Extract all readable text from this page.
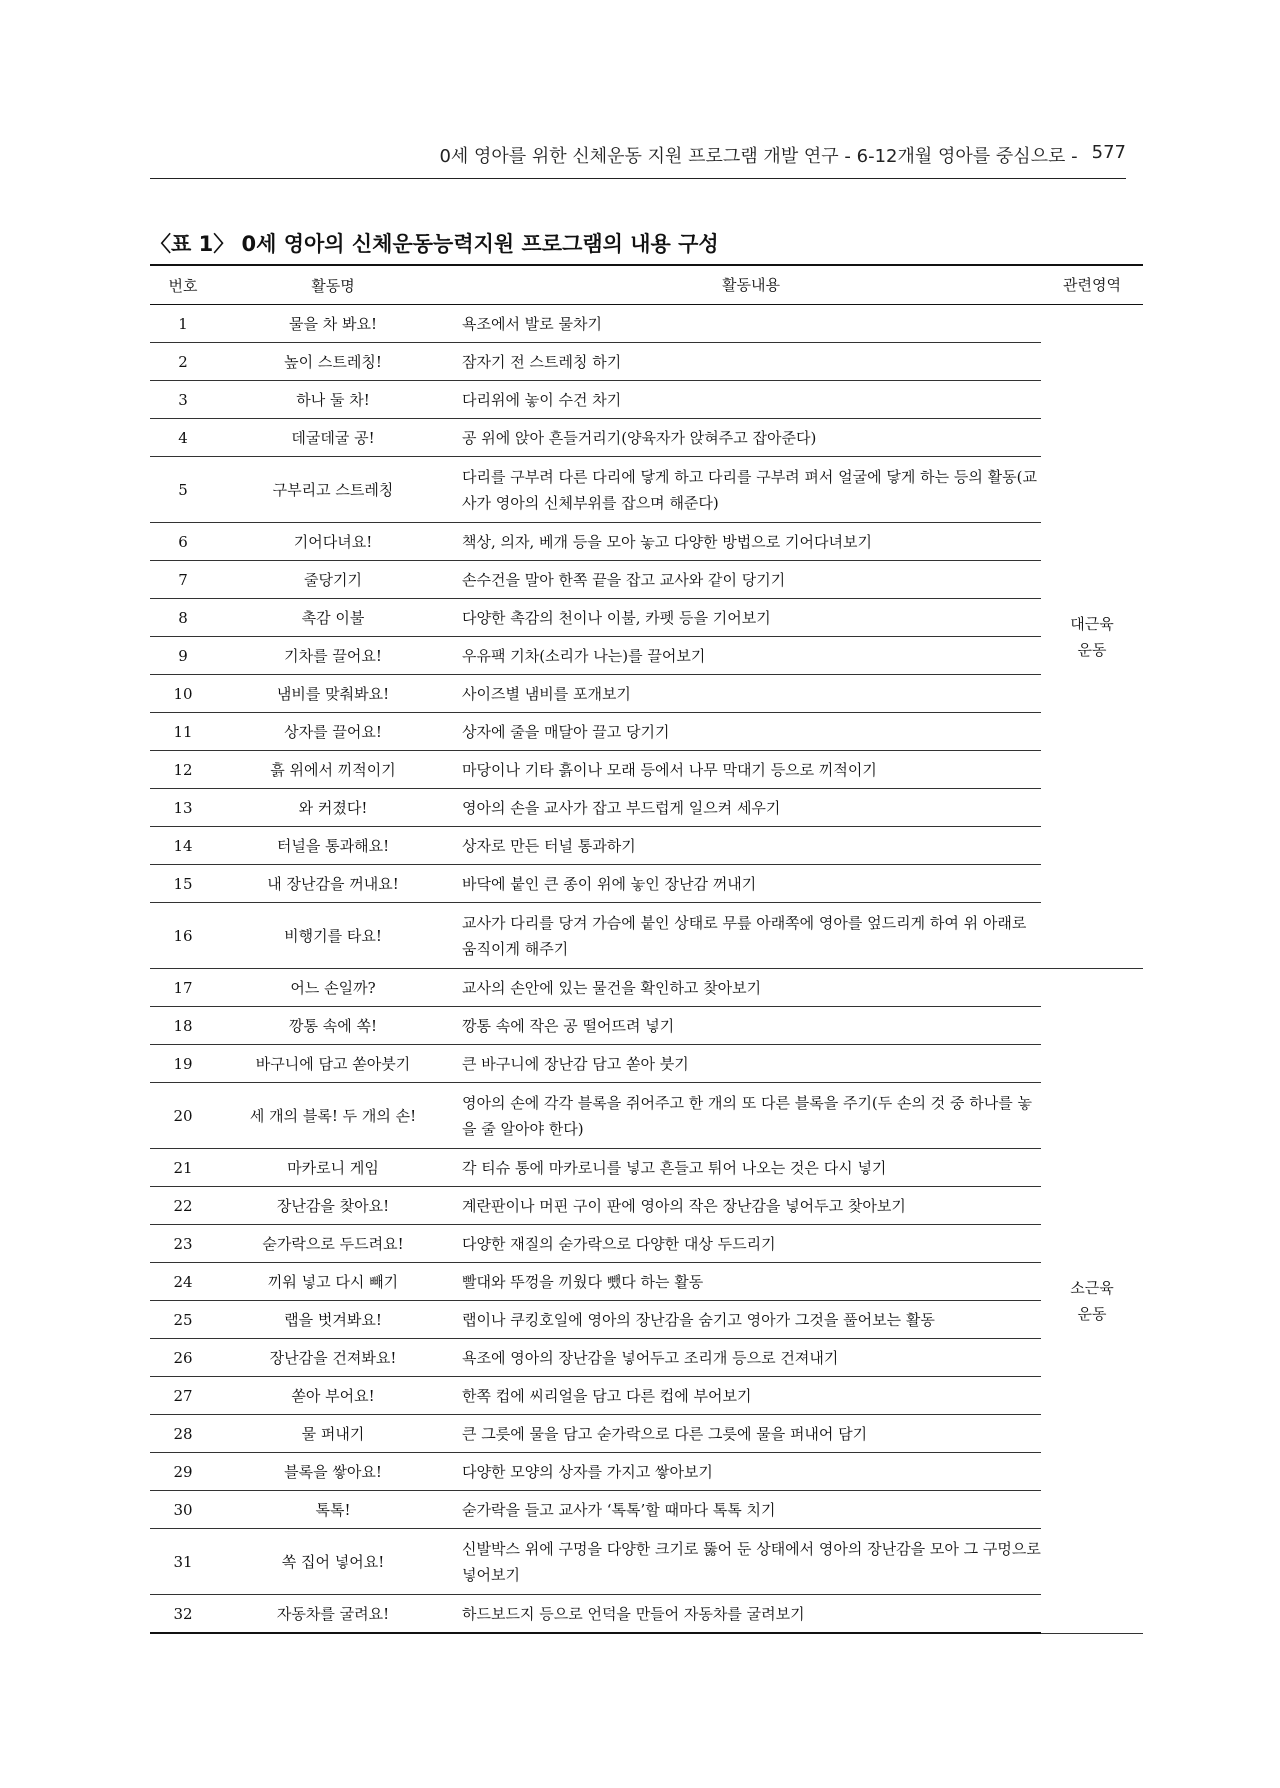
0세 영아를 위한 신체운동 지원 프로그램 개발 연구 - 6-12개월 영아를 중심으로 - 577
〈표 1〉 0세 영아의 신체운동능력지원 프로그램의 내용 구성
번호	활동명	활동내용	관련영역
1	물을 차 봐요!	욕조에서 발로 물차기	대근육
운동

2	높이 스트레칭!	잠자기 전 스트레칭 하기	
3	하나 둘 차!	다리위에 놓이 수건 차기	
4	데굴데굴 공!	공 위에 앉아 흔들거리기(양육자가 앉혀주고 잡아준다)	
5	구부리고 스트레칭	다리를 구부려 다른 다리에 닿게 하고 다리를 구부려 펴서 얼굴에 닿게 하는 등의 활동(교사가 영아의 신체부위를 잡으며 해준다)	
6	기어다녀요!	책상, 의자, 베개 등을 모아 놓고 다양한 방법으로 기어다녀보기	
7	줄당기기	손수건을 말아 한쪽 끝을 잡고 교사와 같이 당기기	
8	촉감 이불	다양한 촉감의 천이나 이불, 카펫 등을 기어보기	
9	기차를 끌어요!	우유팩 기차(소리가 나는)를 끌어보기	
10	냄비를 맞춰봐요!	사이즈별 냄비를 포개보기	
11	상자를 끌어요!	상자에 줄을 매달아 끌고 당기기	
12	흙 위에서 끼적이기	마당이나 기타 흙이나 모래 등에서 나무 막대기 등으로 끼적이기	
13	와 커졌다!	영아의 손을 교사가 잡고 부드럽게 일으켜 세우기	
14	터널을 통과해요!	상자로 만든 터널 통과하기	
15	내 장난감을 꺼내요!	바닥에 붙인 큰 종이 위에 놓인 장난감 꺼내기	
16	비행기를 타요!	교사가 다리를 당겨 가슴에 붙인 상태로 무릎 아래쪽에 영아를 엎드리게 하여 위 아래로 움직이게 해주기	
17	어느 손일까?	교사의 손안에 있는 물건을 확인하고 찾아보기	소근육
운동

18	깡통 속에 쏙!	깡통 속에 작은 공 떨어뜨려 넣기	
19	바구니에 담고 쏟아붓기	큰 바구니에 장난감 담고 쏟아 붓기	
20	세 개의 블록! 두 개의 손!	영아의 손에 각각 블록을 쥐어주고 한 개의 또 다른 블록을 주기(두 손의 것 중 하나를 놓을 줄 알아야 한다)	
21	마카로니 게임	각 티슈 통에 마카로니를 넣고 흔들고 튀어 나오는 것은 다시 넣기	
22	장난감을 찾아요!	계란판이나 머핀 구이 판에 영아의 작은 장난감을 넣어두고 찾아보기	
23	숟가락으로 두드려요!	다양한 재질의 숟가락으로 다양한 대상 두드리기	
24	끼워 넣고 다시 빼기	빨대와 뚜껑을 끼웠다 뺐다 하는 활동	
25	랩을 벗겨봐요!	랩이나 쿠킹호일에 영아의 장난감을 숨기고 영아가 그것을 풀어보는 활동	
26	장난감을 건져봐요!	욕조에 영아의 장난감을 넣어두고 조리개 등으로 건져내기	
27	쏟아 부어요!	한쪽 컵에 씨리얼을 담고 다른 컵에 부어보기	
28	물 퍼내기	큰 그릇에 물을 담고 숟가락으로 다른 그릇에 물을 퍼내어 담기	
29	블록을 쌓아요!	다양한 모양의 상자를 가지고 쌓아보기	
30	톡톡!	숟가락을 들고 교사가 ‘톡톡’할 때마다 톡톡 치기	
31	쏙 집어 넣어요!	신발박스 위에 구멍을 다양한 크기로 뚫어 둔 상태에서 영아의 장난감을 모아 그 구멍으로 넣어보기	
32	자동차를 굴려요!	하드보드지 등으로 언덕을 만들어 자동차를 굴려보기	
